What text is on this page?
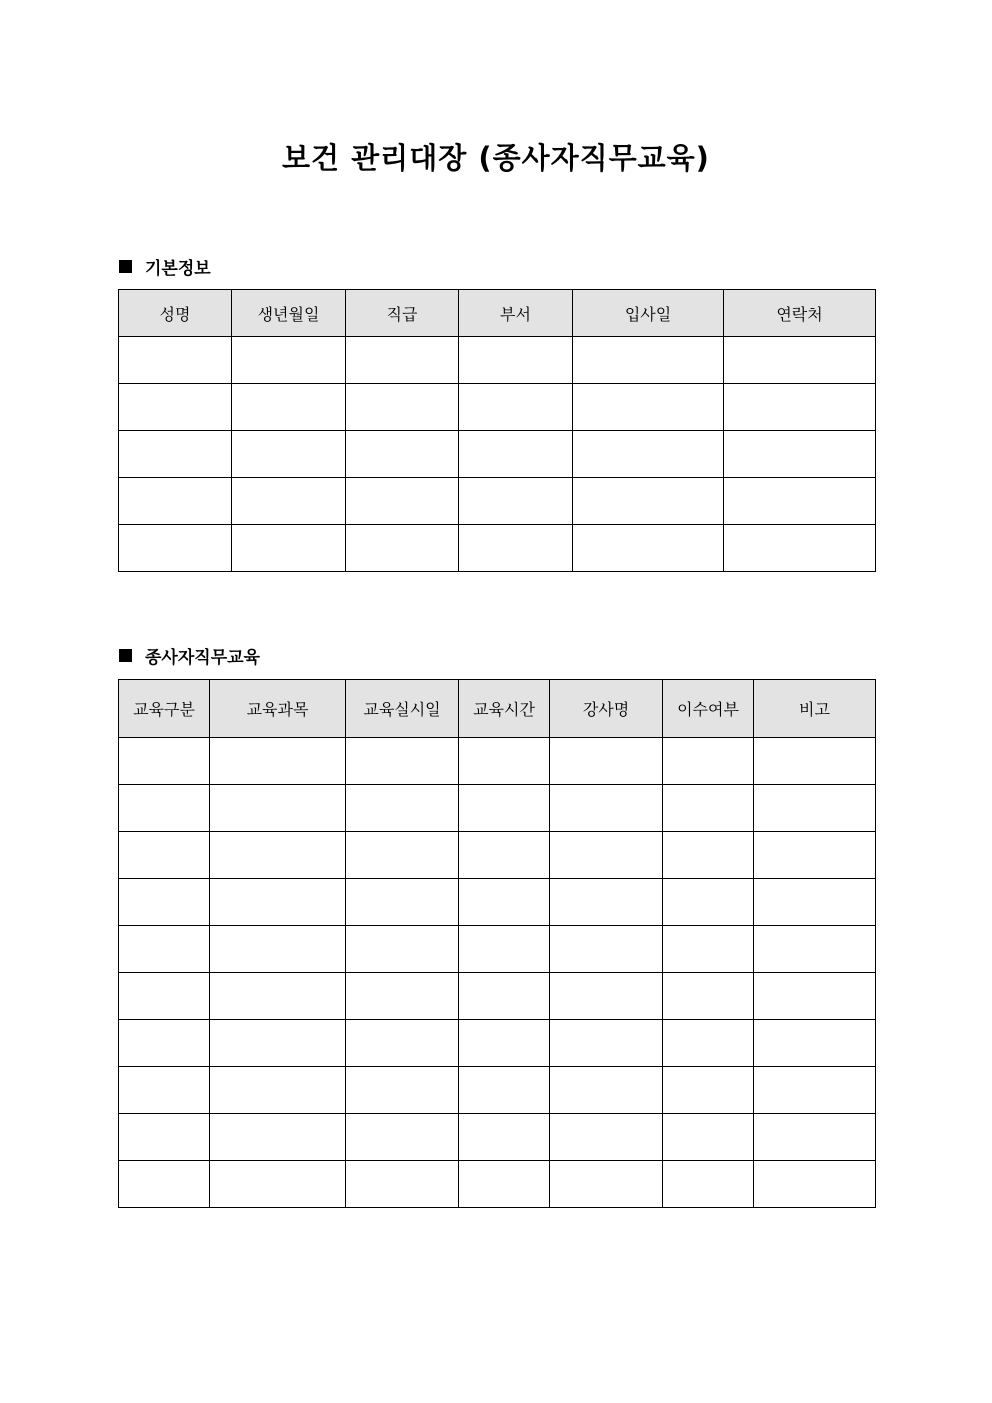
보건 관리대장 (종사자직무교육)
기본정보
성명	생년월일	직급	부서	입사일	연락처

종사자직무교육
교육구분	교육과목	교육실시일	교육시간	강사명	이수여부	비고
